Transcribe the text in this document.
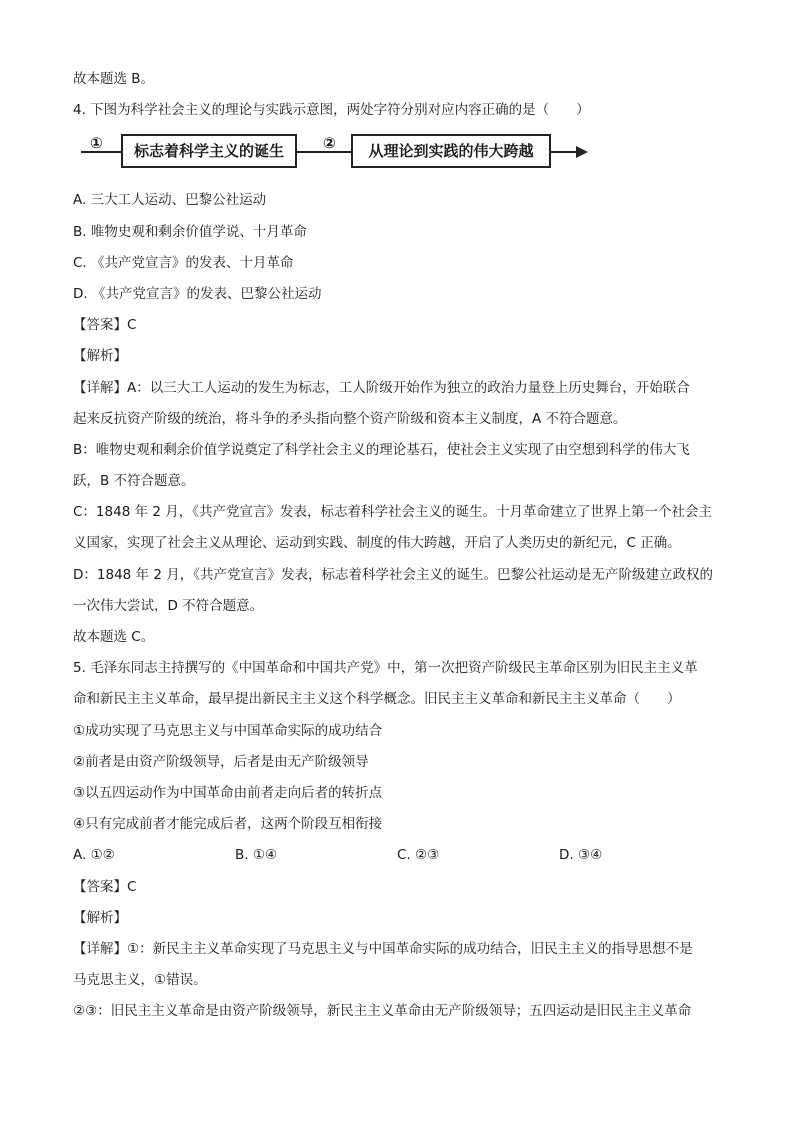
故本题选 B。
4. 下图为科学社会主义的理论与实践示意图，两处字符分别对应内容正确的是（　　）
①	标志着科学主义的诞生	②	从理论到实践的伟大跨越
A. 三大工人运动、巴黎公社运动
B. 唯物史观和剩余价值学说、十月革命
C. 《共产党宣言》的发表、十月革命
D. 《共产党宣言》的发表、巴黎公社运动
【答案】C
【解析】
【详解】A：以三大工人运动的发生为标志，工人阶级开始作为独立的政治力量登上历史舞台，开始联合
起来反抗资产阶级的统治，将斗争的矛头指向整个资产阶级和资本主义制度，A 不符合题意。
B：唯物史观和剩余价值学说奠定了科学社会主义的理论基石，使社会主义实现了由空想到科学的伟大飞
跃，B 不符合题意。
C：1848 年 2 月，《共产党宣言》发表，标志着科学社会主义的诞生。十月革命建立了世界上第一个社会主
义国家，实现了社会主义从理论、运动到实践、制度的伟大跨越，开启了人类历史的新纪元，C 正确。
D：1848 年 2 月，《共产党宣言》发表，标志着科学社会主义的诞生。巴黎公社运动是无产阶级建立政权的
一次伟大尝试，D 不符合题意。
故本题选 C。
5. 毛泽东同志主持撰写的《中国革命和中国共产党》中，第一次把资产阶级民主革命区别为旧民主主义革
命和新民主主义革命，最早提出新民主主义这个科学概念。旧民主主义革命和新民主主义革命（　　）
①成功实现了马克思主义与中国革命实际的成功结合
②前者是由资产阶级领导，后者是由无产阶级领导
③以五四运动作为中国革命由前者走向后者的转折点
④只有完成前者才能完成后者，这两个阶段互相衔接
A. ①②	B. ①④	C. ②③	D. ③④
【答案】C
【解析】
【详解】①：新民主主义革命实现了马克思主义与中国革命实际的成功结合，旧民主主义的指导思想不是
马克思主义，①错误。
②③：旧民主主义革命是由资产阶级领导，新民主主义革命由无产阶级领导；五四运动是旧民主主义革命
